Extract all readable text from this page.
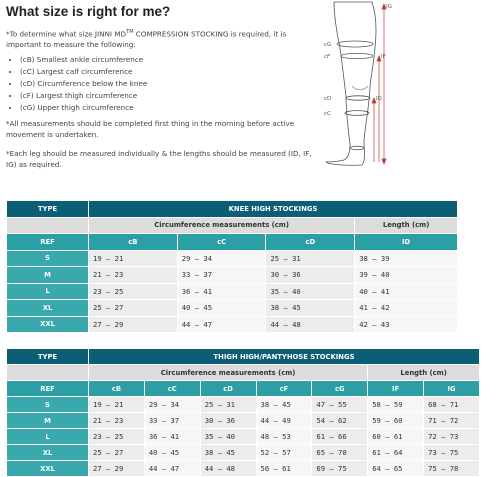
What size is right for me?
*To determine what size JINNI MD™ COMPRESSION STOCKING is required, it is important to measure the following:
• (cB) Smallest ankle circumference
• (cC) Largest calf circumference
• (cD) Circumference below the knee
• (cF) Largest thigh circumference
• (cG) Upper thigh circumference
*All measurements should be completed first thing in the morning before active movement is undertaken.
*Each leg should be measured individually & the lengths should be measured (ID, IF, IG) as required.
cG
cF
IG
IF
cD	ID
cC
TYPE	KNEE HIGH STOCKINGS			
	Circumference measurements (cm)			Length (cm)
REF	cB	cC	cD	ID
S	19 – 21	29 – 34	25 – 31	38 – 39
M	21 – 23	33 – 37	30 – 36	39 – 40
L	23 – 25	36 – 41	35 – 40	40 – 41
XL	25 – 27	40 – 45	38 – 45	41 – 42
XXL	27 – 29	44 – 47	44 – 48	42 – 43
TYPE	THIGH HIGH/PANTYHOSE STOCKINGS						
	Circumference measurements (cm)					Length (cm)	
REF	cB	cC	cD	cF	cG	IF	IG
S	19 – 21	29 – 34	25 – 31	38 – 45	47 – 55	58 – 59	68 – 71
M	21 – 23	33 – 37	30 – 36	44 – 49	54 – 62	59 – 60	71 – 72
L	23 – 25	36 – 41	35 – 40	48 – 53	61 – 66	60 – 61	72 – 73
XL	25 – 27	40 – 45	38 – 45	52 – 57	65 – 70	61 – 64	73 – 75
XXL	27 – 29	44 – 47	44 – 48	56 – 61	69 – 75	64 – 65	75 – 78
